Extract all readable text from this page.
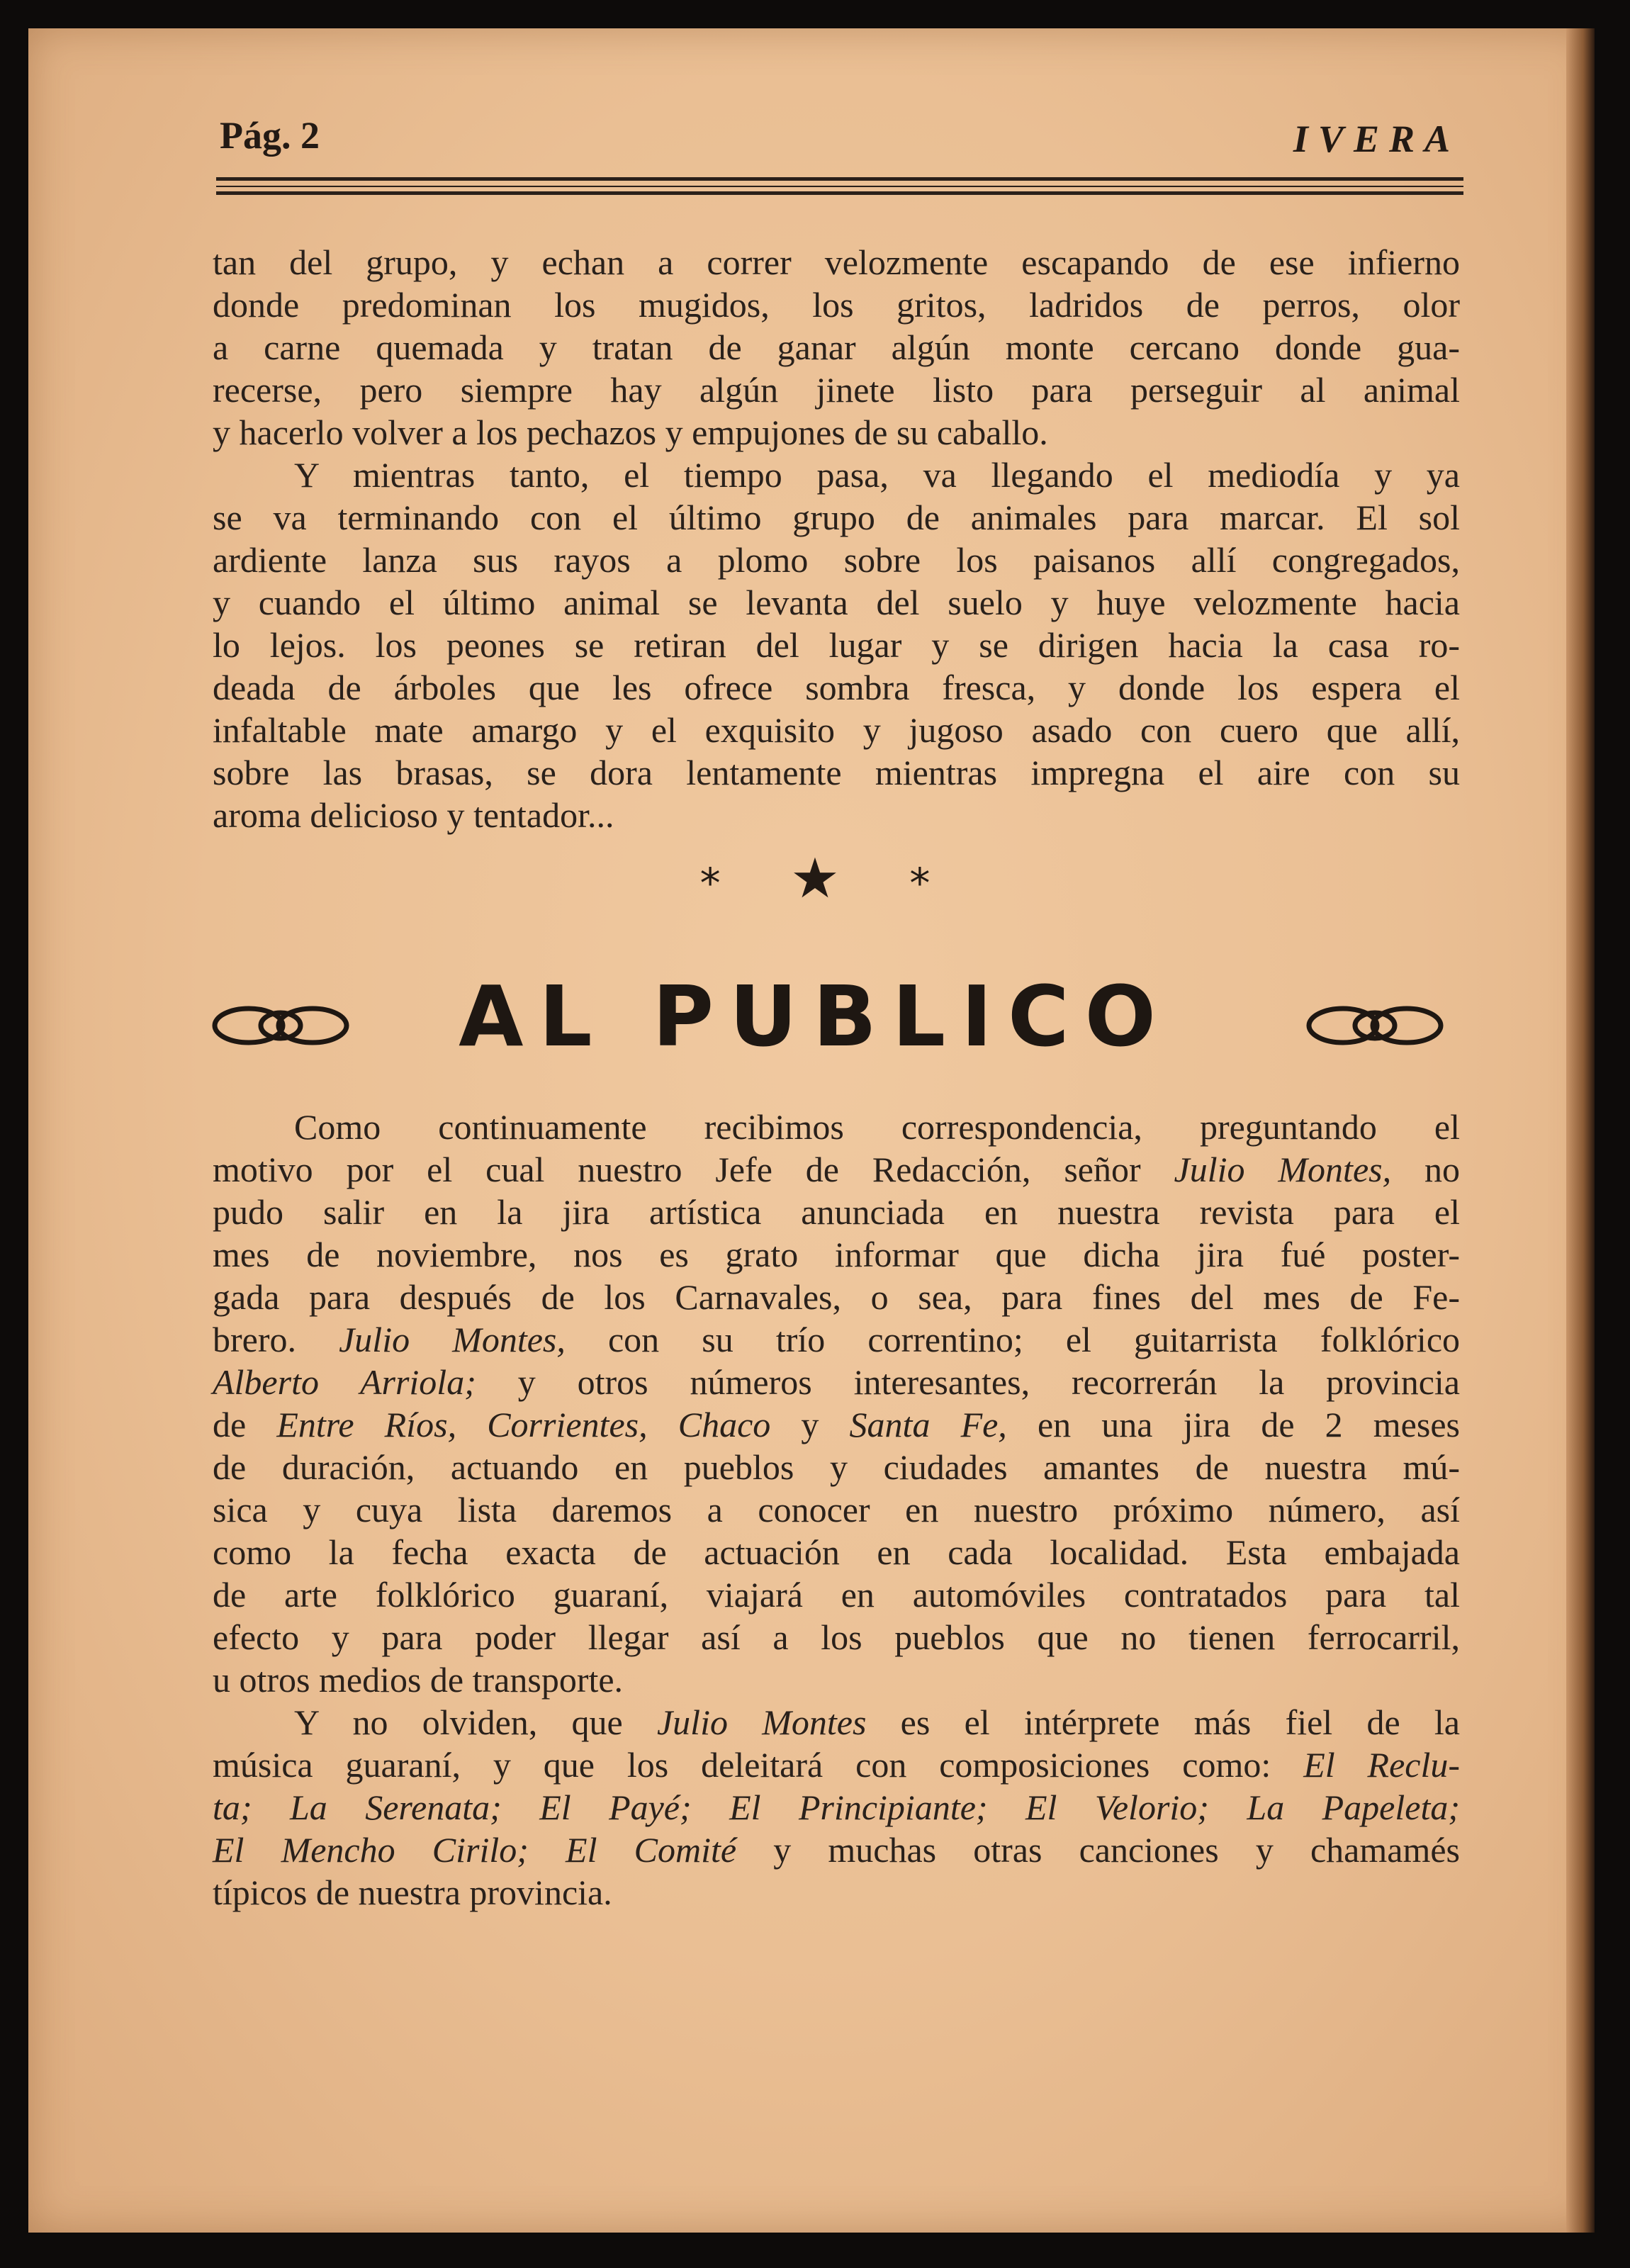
Pág. 2	IVERA
tan del grupo, y echan a correr velozmente escapando de ese infierno
donde predominan los mugidos, los gritos, ladridos de perros, olor
a carne quemada y tratan de ganar algún monte cercano donde gua-
recerse, pero siempre hay algún jinete listo para perseguir al animal
y hacerlo volver a los pechazos y empujones de su caballo.
Y mientras tanto, el tiempo pasa, va llegando el mediodía y ya
se va terminando con el último grupo de animales para marcar. El sol
ardiente lanza sus rayos a plomo sobre los paisanos allí congregados,
y cuando el último animal se levanta del suelo y huye velozmente hacia
lo lejos. los peones se retiran del lugar y se dirigen hacia la casa ro-
deada de árboles que les ofrece sombra fresca, y donde los espera el
infaltable mate amargo y el exquisito y jugoso asado con cuero que allí,
sobre las brasas, se dora lentamente mientras impregna el aire con su
aroma delicioso y tentador...
* ★ *
AL PUBLICO
Como continuamente recibimos correspondencia, preguntando el
motivo por el cual nuestro Jefe de Redacción, señor Julio Montes, no
pudo salir en la jira artística anunciada en nuestra revista para el
mes de noviembre, nos es grato informar que dicha jira fué poster-
gada para después de los Carnavales, o sea, para fines del mes de Fe-
brero. Julio Montes, con su trío correntino; el guitarrista folklórico
Alberto Arriola; y otros números interesantes, recorrerán la provincia
de Entre Ríos, Corrientes, Chaco y Santa Fe, en una jira de 2 meses
de duración, actuando en pueblos y ciudades amantes de nuestra mú-
sica y cuya lista daremos a conocer en nuestro próximo número, así
como la fecha exacta de actuación en cada localidad. Esta embajada
de arte folklórico guaraní, viajará en automóviles contratados para tal
efecto y para poder llegar así a los pueblos que no tienen ferrocarril,
u otros medios de transporte.
Y no olviden, que Julio Montes es el intérprete más fiel de la
música guaraní, y que los deleitará con composiciones como: El Reclu-
ta; La Serenata; El Payé; El Principiante; El Velorio; La Papeleta;
El Mencho Cirilo; El Comité y muchas otras canciones y chamamés
típicos de nuestra provincia.
